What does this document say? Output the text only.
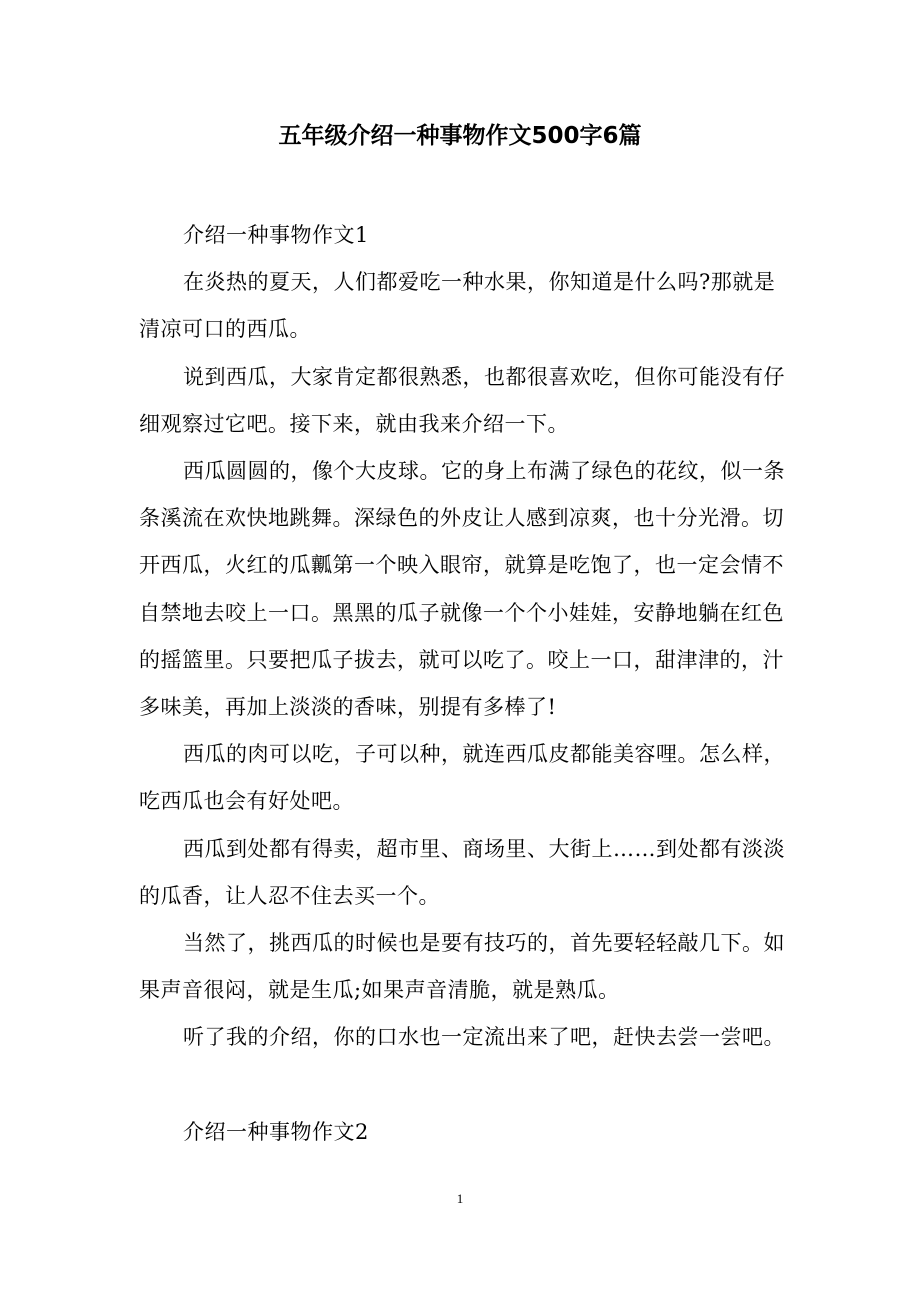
五年级介绍一种事物作文500字6篇

介绍一种事物作文1

在炎热的夏天，人们都爱吃一种水果，你知道是什么吗?那就是清凉可口的西瓜。

说到西瓜，大家肯定都很熟悉，也都很喜欢吃，但你可能没有仔细观察过它吧。接下来，就由我来介绍一下。

西瓜圆圆的，像个大皮球。它的身上布满了绿色的花纹，似一条条溪流在欢快地跳舞。深绿色的外皮让人感到凉爽，也十分光滑。切开西瓜，火红的瓜瓤第一个映入眼帘，就算是吃饱了，也一定会情不自禁地去咬上一口。黑黑的瓜子就像一个个小娃娃，安静地躺在红色的摇篮里。只要把瓜子拔去，就可以吃了。咬上一口，甜津津的，汁多味美，再加上淡淡的香味，别提有多棒了!

西瓜的肉可以吃，子可以种，就连西瓜皮都能美容哩。怎么样，吃西瓜也会有好处吧。

西瓜到处都有得卖，超市里、商场里、大街上……到处都有淡淡的瓜香，让人忍不住去买一个。

当然了，挑西瓜的时候也是要有技巧的，首先要轻轻敲几下。如果声音很闷，就是生瓜;如果声音清脆，就是熟瓜。

听了我的介绍，你的口水也一定流出来了吧，赶快去尝一尝吧。

介绍一种事物作文2

1
